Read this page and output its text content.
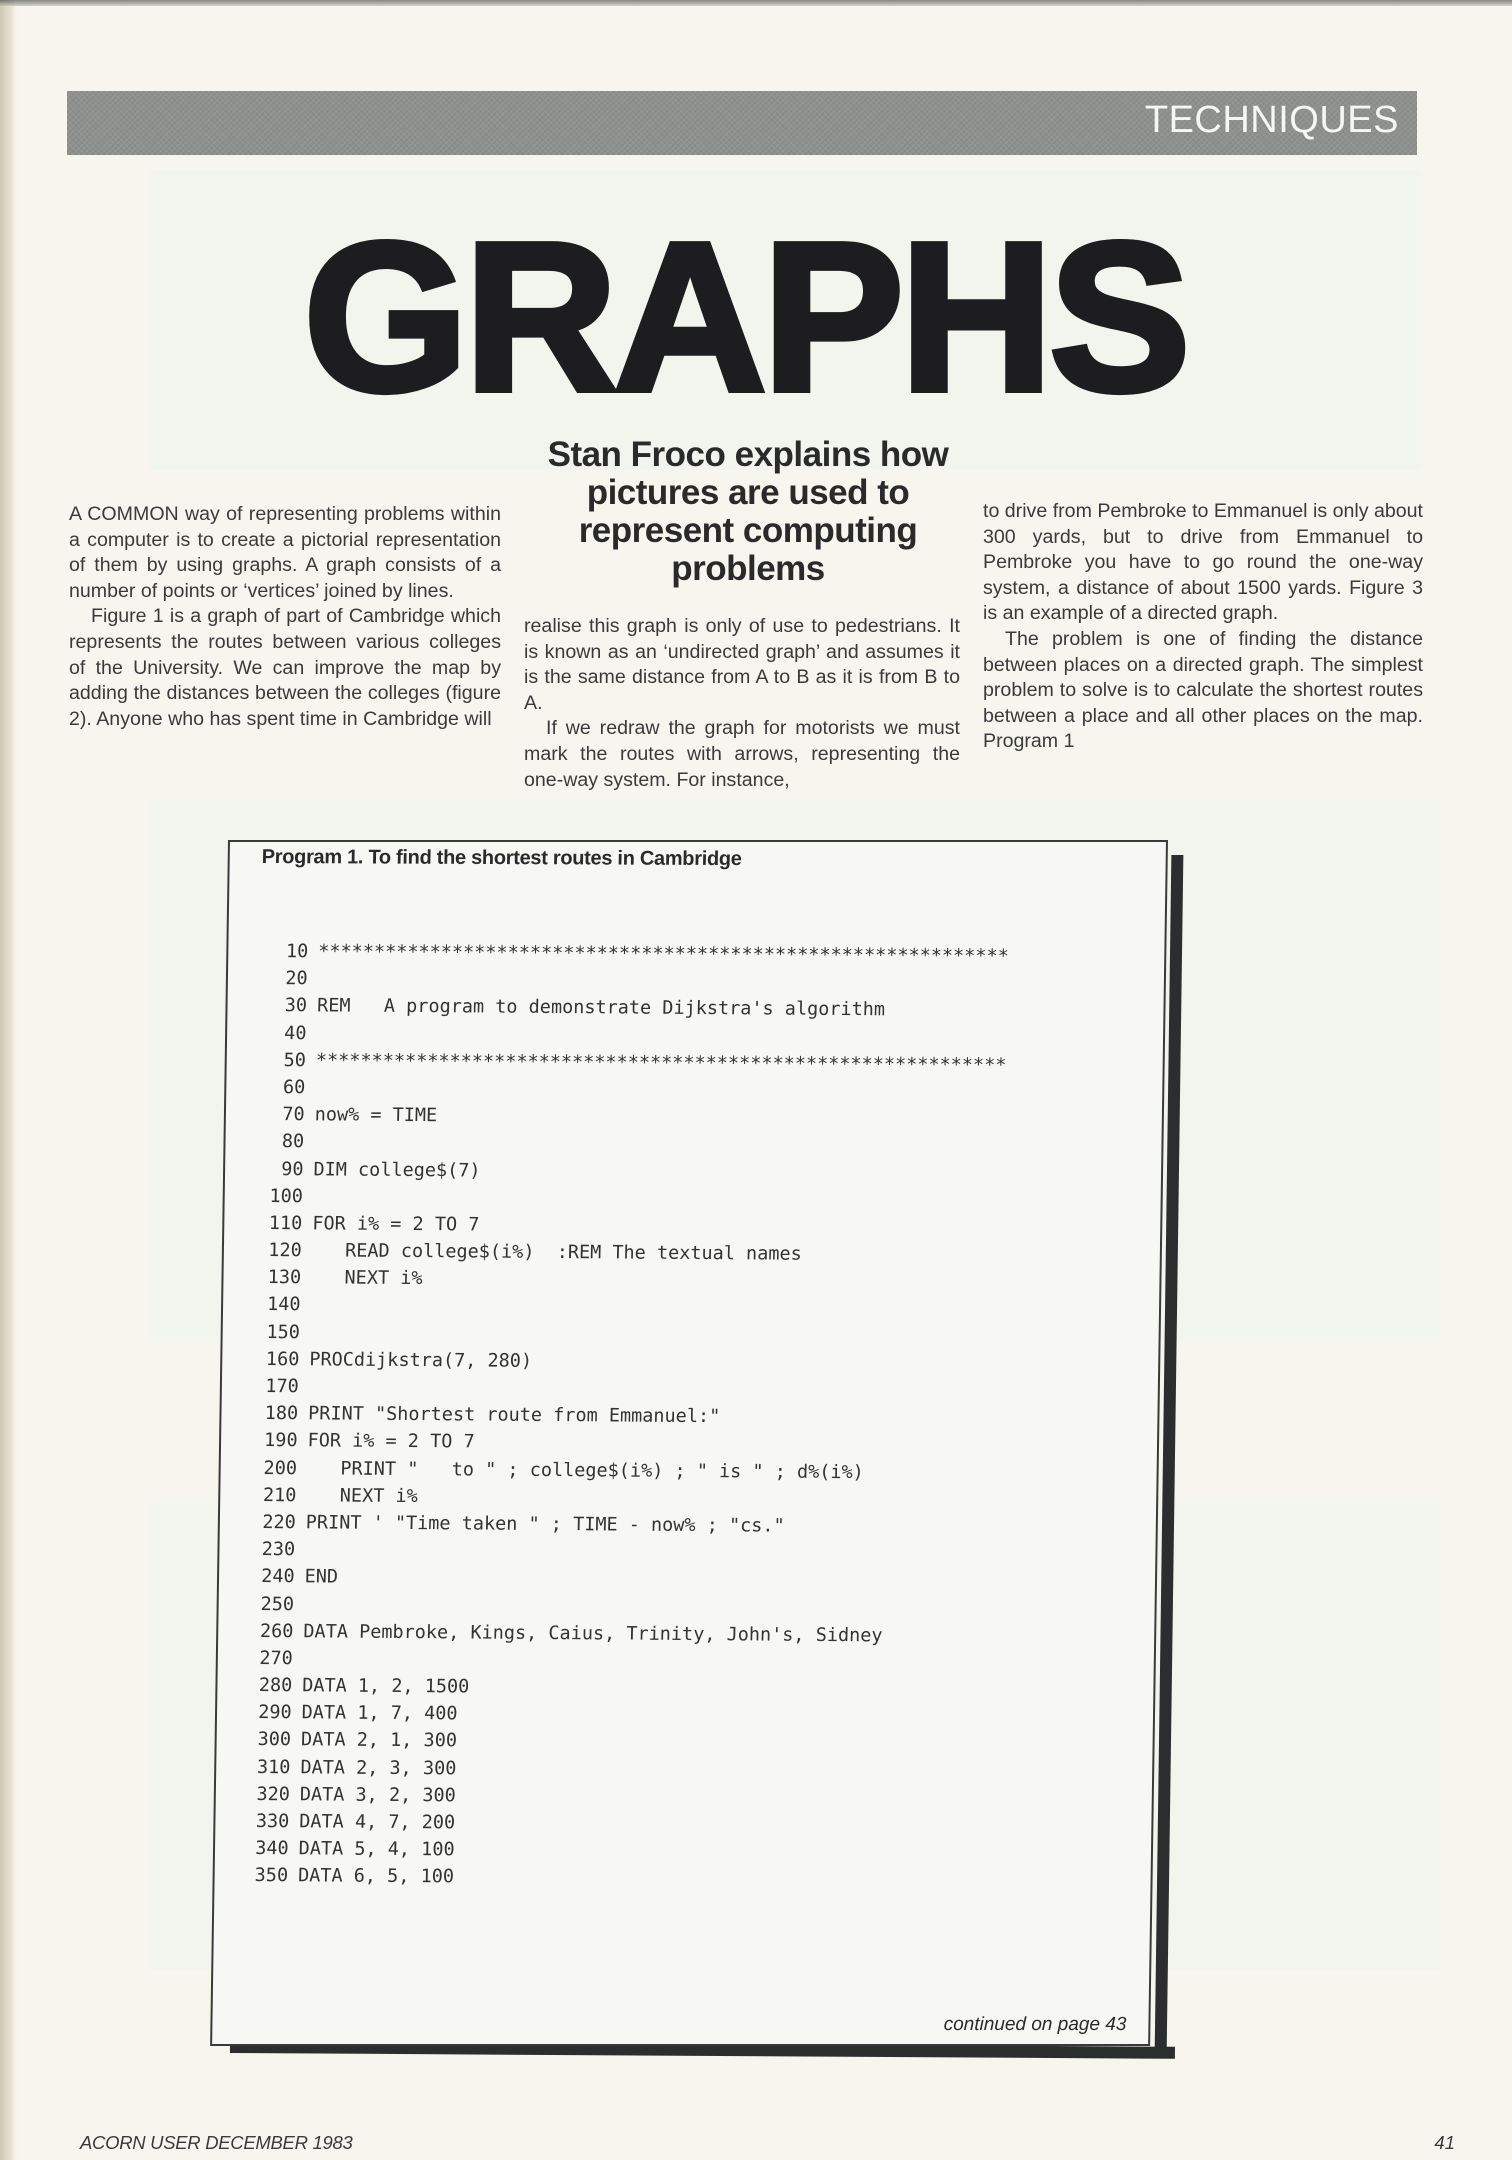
TECHNIQUES
GRAPHS
Stan Froco explains how pictures are used to represent computing problems

A COMMON way of representing problems within a computer is to create a pictorial representation of them by using graphs. A graph consists of a number of points or ‘vertices’ joined by lines.

Figure 1 is a graph of part of Cambridge which represents the routes between various colleges of the University. We can improve the map by adding the distances between the colleges (figure 2). Anyone who has spent time in Cambridge will

realise this graph is only of use to pedestrians. It is known as an ‘undirected graph’ and assumes it is the same distance from A to B as it is from B to A.

If we redraw the graph for motorists we must mark the routes with arrows, representing the one-way system. For instance,

to drive from Pembroke to Emmanuel is only about 300 yards, but to drive from Emmanuel to Pembroke you have to go round the one-way system, a distance of about 1500 yards. Figure 3 is an example of a directed graph.

The problem is one of finding the distance between places on a directed graph. The simplest problem to solve is to calculate the shortest routes between a place and all other places on the map. Program 1

Program 1. To find the shortest routes in Cambridge
10 **************************************************************
20
30 REM   A program to demonstrate Dijkstra's algorithm
40
50 **************************************************************
60
70 now% = TIME
80
90 DIM college$(7)
100
110 FOR i% = 2 TO 7
120 READ college$(i%)  :REM The textual names
130 NEXT i%
140
150
160 PROCdijkstra(7, 280)
170
180 PRINT "Shortest route from Emmanuel:"
190 FOR i% = 2 TO 7
200 PRINT "   to " ; college$(i%) ; " is " ; d%(i%)
210 NEXT i%
220 PRINT ' "Time taken " ; TIME - now% ; "cs."
230
240 END
250
260 DATA Pembroke, Kings, Caius, Trinity, John's, Sidney
270
280 DATA 1, 2, 1500
290 DATA 1, 7, 400
300 DATA 2, 1, 300
310 DATA 2, 3, 300
320 DATA 3, 2, 300
330 DATA 4, 7, 200
340 DATA 5, 4, 100
350 DATA 6, 5, 100
continued on page 43
ACORN USER DECEMBER 1983	41
